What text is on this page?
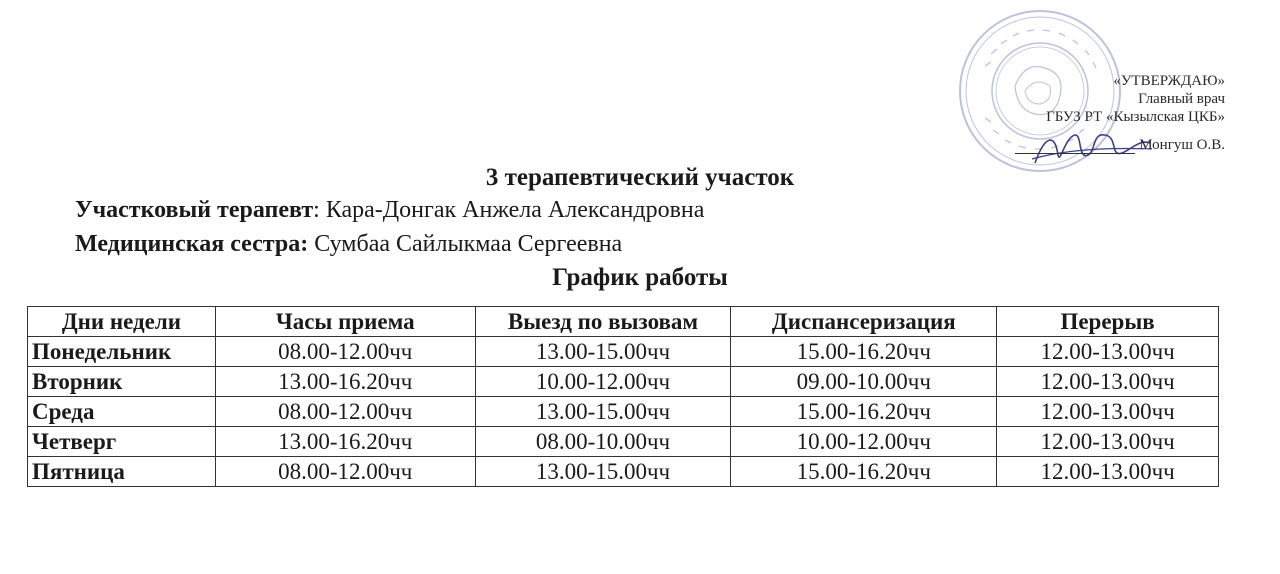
«УТВЕРЖДАЮ»
Главный врач
ГБУЗ РТ «Кызылская ЦКБ»
Монгуш О.В.
3 терапевтический участок
Участковый терапевт: Кара-Донгак Анжела Александровна
Медицинская сестра: Сумбаа Сайлыкмаа Сергеевна
График работы
Дни недели	Часы приема	Выезд по вызовам	Диспансеризация	Перерыв
Понедельник	08.00-12.00чч	13.00-15.00чч	15.00-16.20чч	12.00-13.00чч
Вторник	13.00-16.20чч	10.00-12.00чч	09.00-10.00чч	12.00-13.00чч
Среда	08.00-12.00чч	13.00-15.00чч	15.00-16.20чч	12.00-13.00чч
Четверг	13.00-16.20чч	08.00-10.00чч	10.00-12.00чч	12.00-13.00чч
Пятница	08.00-12.00чч	13.00-15.00чч	15.00-16.20чч	12.00-13.00чч
